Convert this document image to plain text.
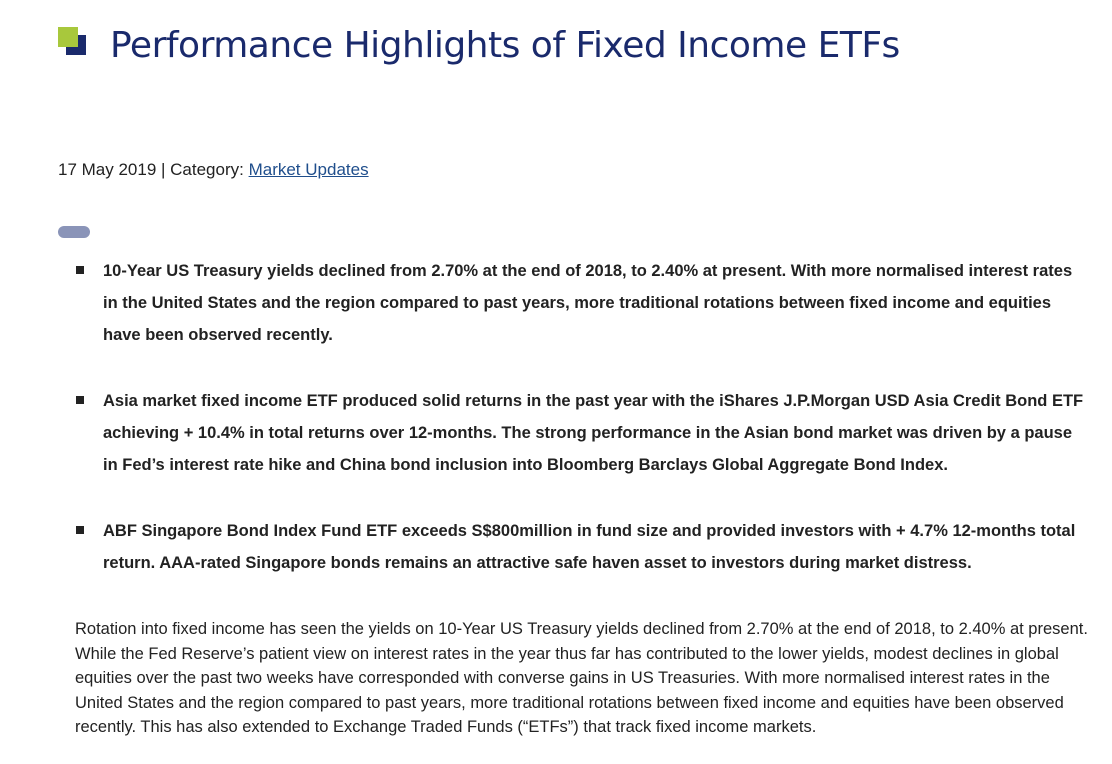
Performance Highlights of Fixed Income ETFs
17 May 2019 | Category: Market Updates
10-Year US Treasury yields declined from 2.70% at the end of 2018, to 2.40% at present. With more normalised interest rates in the United States and the region compared to past years, more traditional rotations between fixed income and equities have been observed recently.
Asia market fixed income ETF produced solid returns in the past year with the iShares J.P.Morgan USD Asia Credit Bond ETF achieving + 10.4% in total returns over 12-months. The strong performance in the Asian bond market was driven by a pause in Fed’s interest rate hike and China bond inclusion into Bloomberg Barclays Global Aggregate Bond Index.
ABF Singapore Bond Index Fund ETF exceeds S$800million in fund size and provided investors with + 4.7% 12-months total return. AAA-rated Singapore bonds remains an attractive safe haven asset to investors during market distress.

Rotation into fixed income has seen the yields on 10-Year US Treasury yields declined from 2.70% at the end of 2018, to 2.40% at present. While the Fed Reserve’s patient view on interest rates in the year thus far has contributed to the lower yields, modest declines in global equities over the past two weeks have corresponded with converse gains in US Treasuries. With more normalised interest rates in the United States and the region compared to past years, more traditional rotations between fixed income and equities have been observed recently. This has also extended to Exchange Traded Funds (“ETFs”) that track fixed income markets.
